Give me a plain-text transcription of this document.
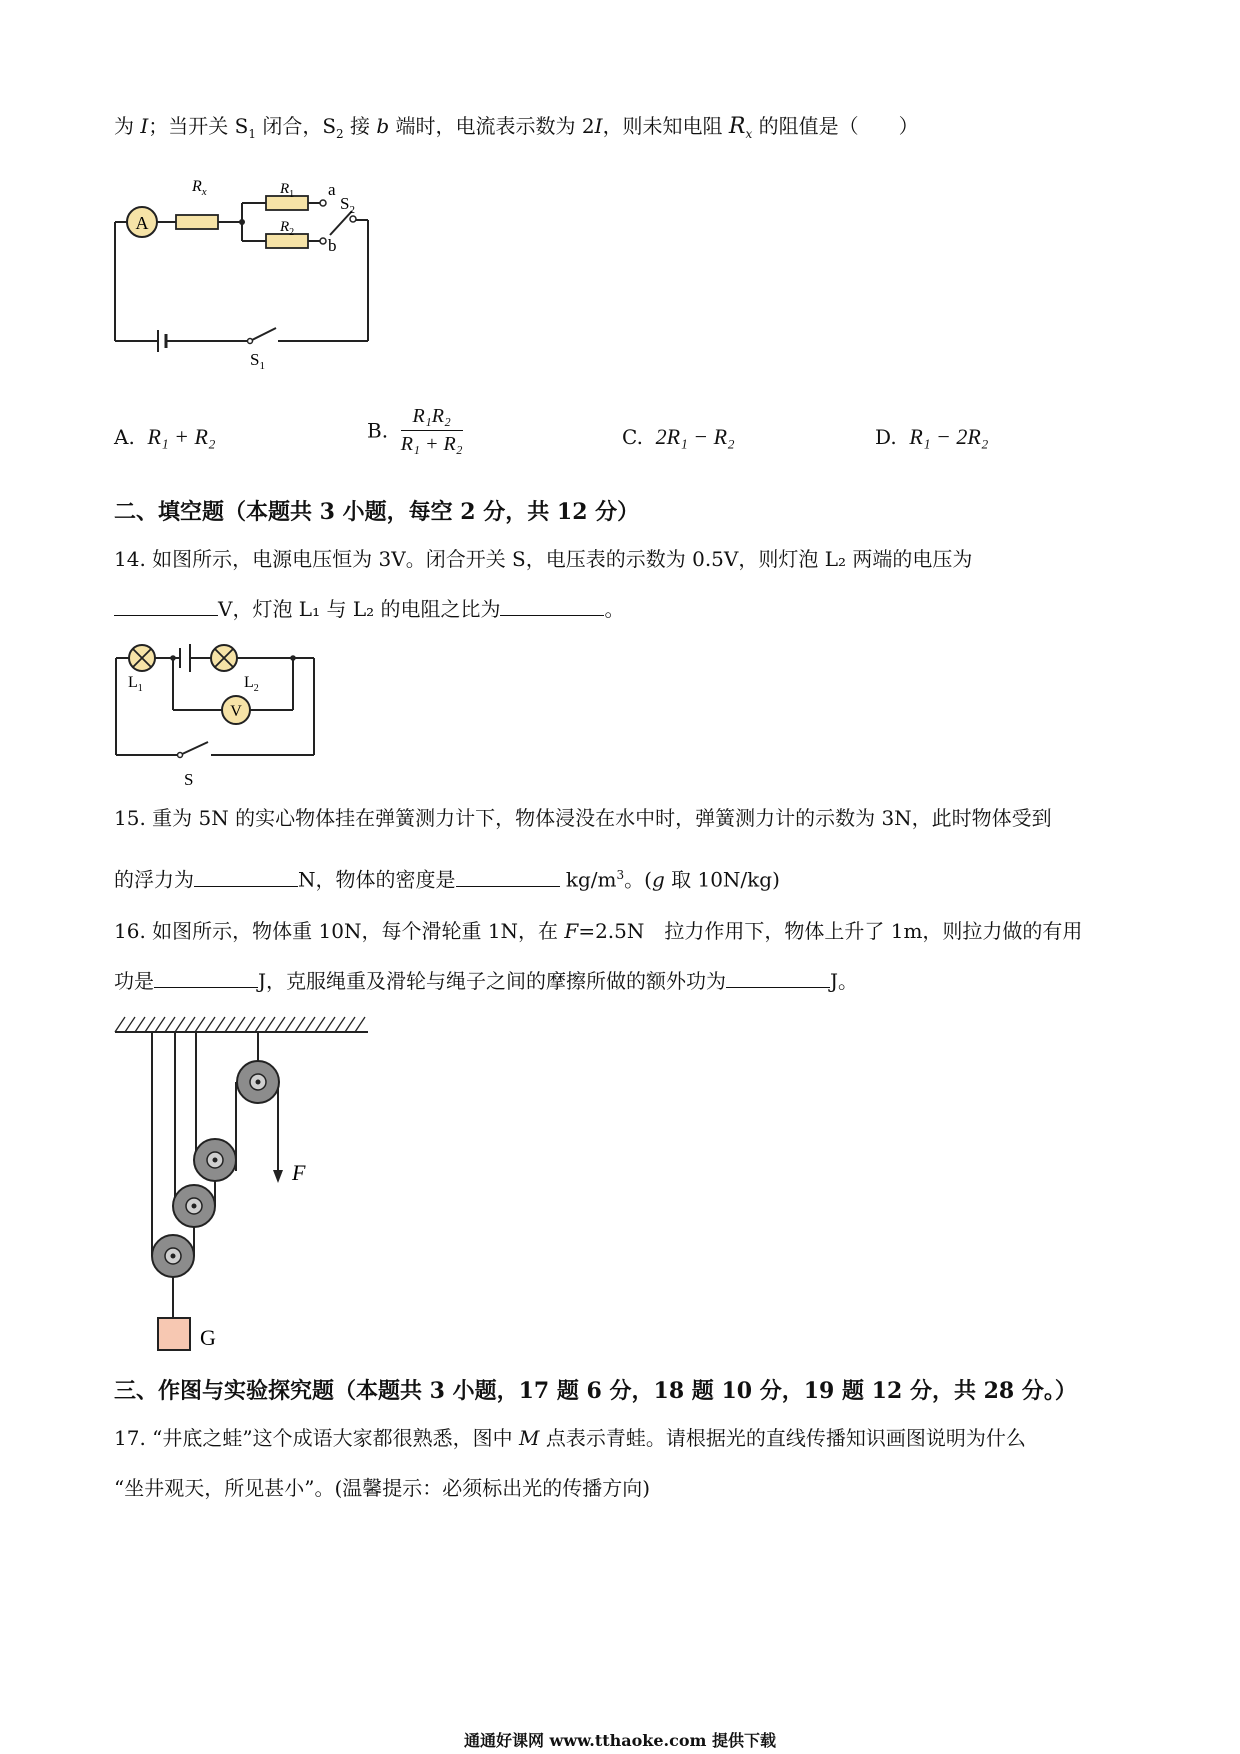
为 I；当开关 $S_1$ 闭合，$S_2$ 接 b 端时，电流表示数为 2I，则未知电阻 $R_x$ 的阻值是（　　）
A
$R_x$	$R_1$
$R_2$
a
b
$S_2$
$S_1$
A. R₁ + R₂	B. $\frac{\text{R₁R₂}}{\text{R₁ + R₂}}$	C. 2R₁ − R₂	D. R₁ − 2R₂
二、填空题（本题共 3 小题，每空 2 分，共 12 分）
14. 如图所示，电源电压恒为 3V。闭合开关 S，电压表的示数为 0.5V，则灯泡 L₂ 两端的电压为
V，灯泡 L₁ 与 L₂ 的电阻之比为	。
V
$L_1$	$L_2$
S
15. 重为 5N 的实心物体挂在弹簧测力计下，物体浸没在水中时，弹簧测力计的示数为 3N，此时物体受到
的浮力为	N，物体的密度是	$kg/m^3$。(g 取 10N/kg)
16. 如图所示，物体重 10N，每个滑轮重 1N，在 F=2.5N　拉力作用下，物体上升了 1m，则拉力做的有用
功是	J，克服绳重及滑轮与绳子之间的摩擦所做的额外功为	J。
F
G
三、作图与实验探究题（本题共 3 小题，17 题 6 分，18 题 10 分，19 题 12 分，共 28 分。）
17. “井底之蛙”这个成语大家都很熟悉，图中 M 点表示青蛙。请根据光的直线传播知识画图说明为什么
“坐井观天，所见甚小”。(温馨提示：必须标出光的传播方向)
通通好课网 www.tthaoke.com 提供下载
